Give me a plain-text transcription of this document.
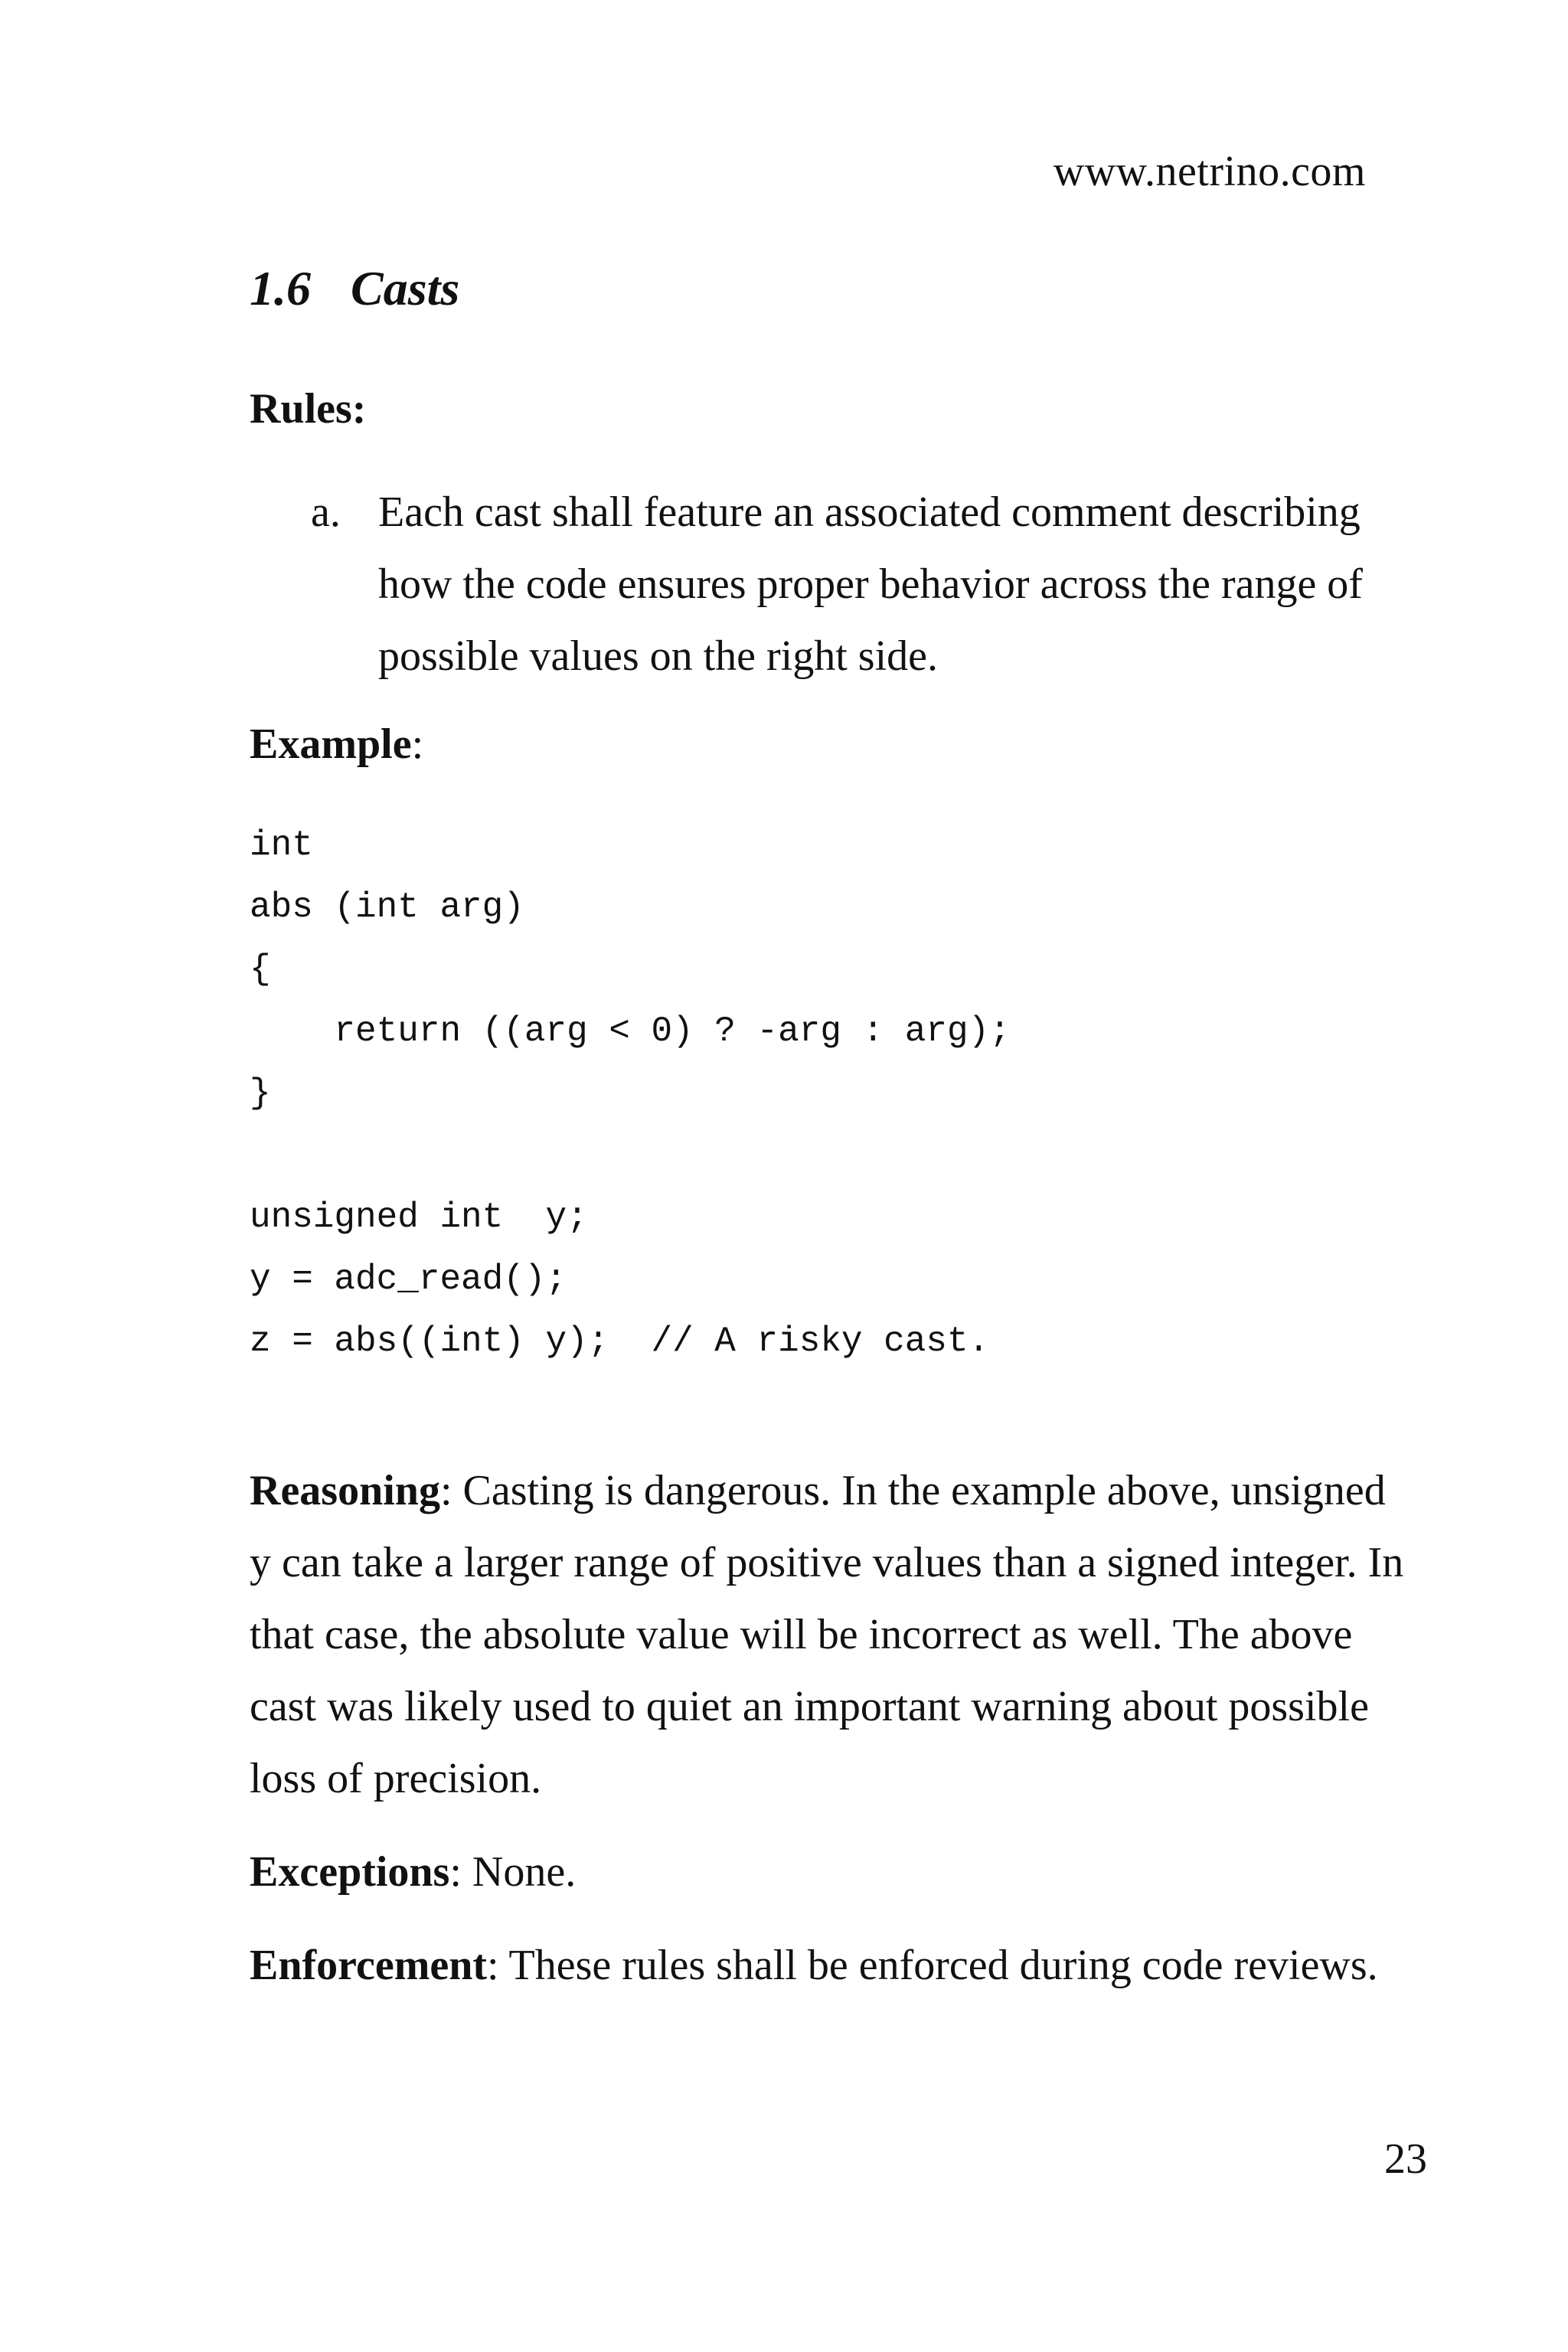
www.netrino.com
1.6 Casts
Rules:
a. Each cast shall feature an associated comment describing how the code ensures proper behavior across the range of possible values on the right side.
Example:
int
abs (int arg)
{
return ((arg < 0) ? -arg : arg);
}
unsigned int  y;
y = adc_read();
z = abs((int) y);  // A risky cast.

Reasoning: Casting is dangerous. In the example above, unsigned y can take a larger range of positive values than a signed integer. In that case, the absolute value will be incorrect as well. The above cast was likely used to quiet an important warning about possible loss of precision.

Exceptions: None.

Enforcement: These rules shall be enforced during code reviews.

23
